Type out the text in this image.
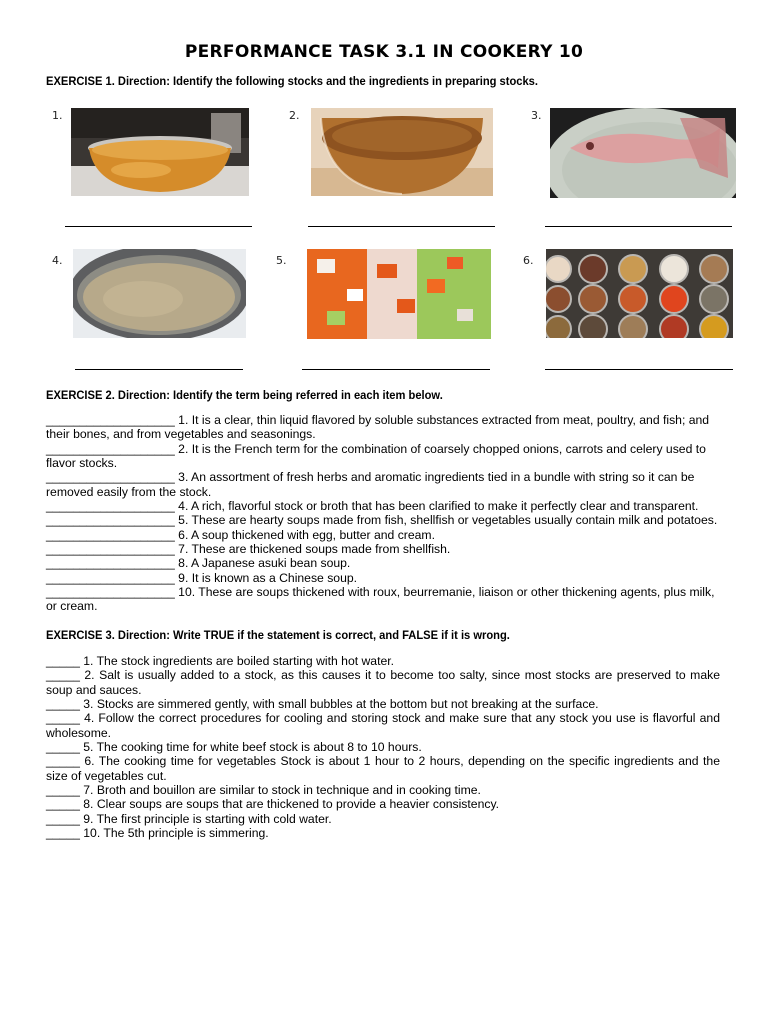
PERFORMANCE TASK 3.1 IN COOKERY 10
EXERCISE 1. Direction: Identify the following stocks and the ingredients in preparing stocks.
1.	2.	3.
4.	5.	6.
EXERCISE 2. Direction: Identify the term being referred in each item below.

___________________ 1. It is a clear, thin liquid flavored by soluble substances extracted from meat, poultry, and fish; and their bones, and from vegetables and seasonings.

___________________ 2. It is the French term for the combination of coarsely chopped onions, carrots and celery used to flavor stocks.

___________________ 3. An assortment of fresh herbs and aromatic ingredients tied in a bundle with string so it can be removed easily from the stock.

___________________ 4. A rich, flavorful stock or broth that has been clarified to make it perfectly clear and transparent.

___________________ 5. These are hearty soups made from fish, shellfish or vegetables usually contain milk and potatoes.

___________________ 6. A soup thickened with egg, butter and cream.

___________________ 7. These are thickened soups made from shellfish.

___________________ 8. A Japanese asuki bean soup.

___________________ 9. It is known as a Chinese soup.

___________________ 10. These are soups thickened with roux, beurremanie, liaison or other thickening agents, plus milk, or cream.

EXERCISE 3. Direction: Write TRUE if the statement is correct, and FALSE if it is wrong.

_____ 1. The stock ingredients are boiled starting with hot water.

_____ 2. Salt is usually added to a stock, as this causes it to become too salty, since most stocks are preserved to make soup and sauces.

_____ 3. Stocks are simmered gently, with small bubbles at the bottom but not breaking at the surface.

_____ 4. Follow the correct procedures for cooling and storing stock and make sure that any stock you use is flavorful and wholesome.

_____ 5. The cooking time for white beef stock is about 8 to 10 hours.

_____ 6. The cooking time for vegetables Stock is about 1 hour to 2 hours, depending on the specific ingredients and the size of vegetables cut.

_____ 7. Broth and bouillon are similar to stock in technique and in cooking time.

_____ 8. Clear soups are soups that are thickened to provide a heavier consistency.

_____ 9. The first principle is starting with cold water.

_____ 10. The 5th principle is simmering.
